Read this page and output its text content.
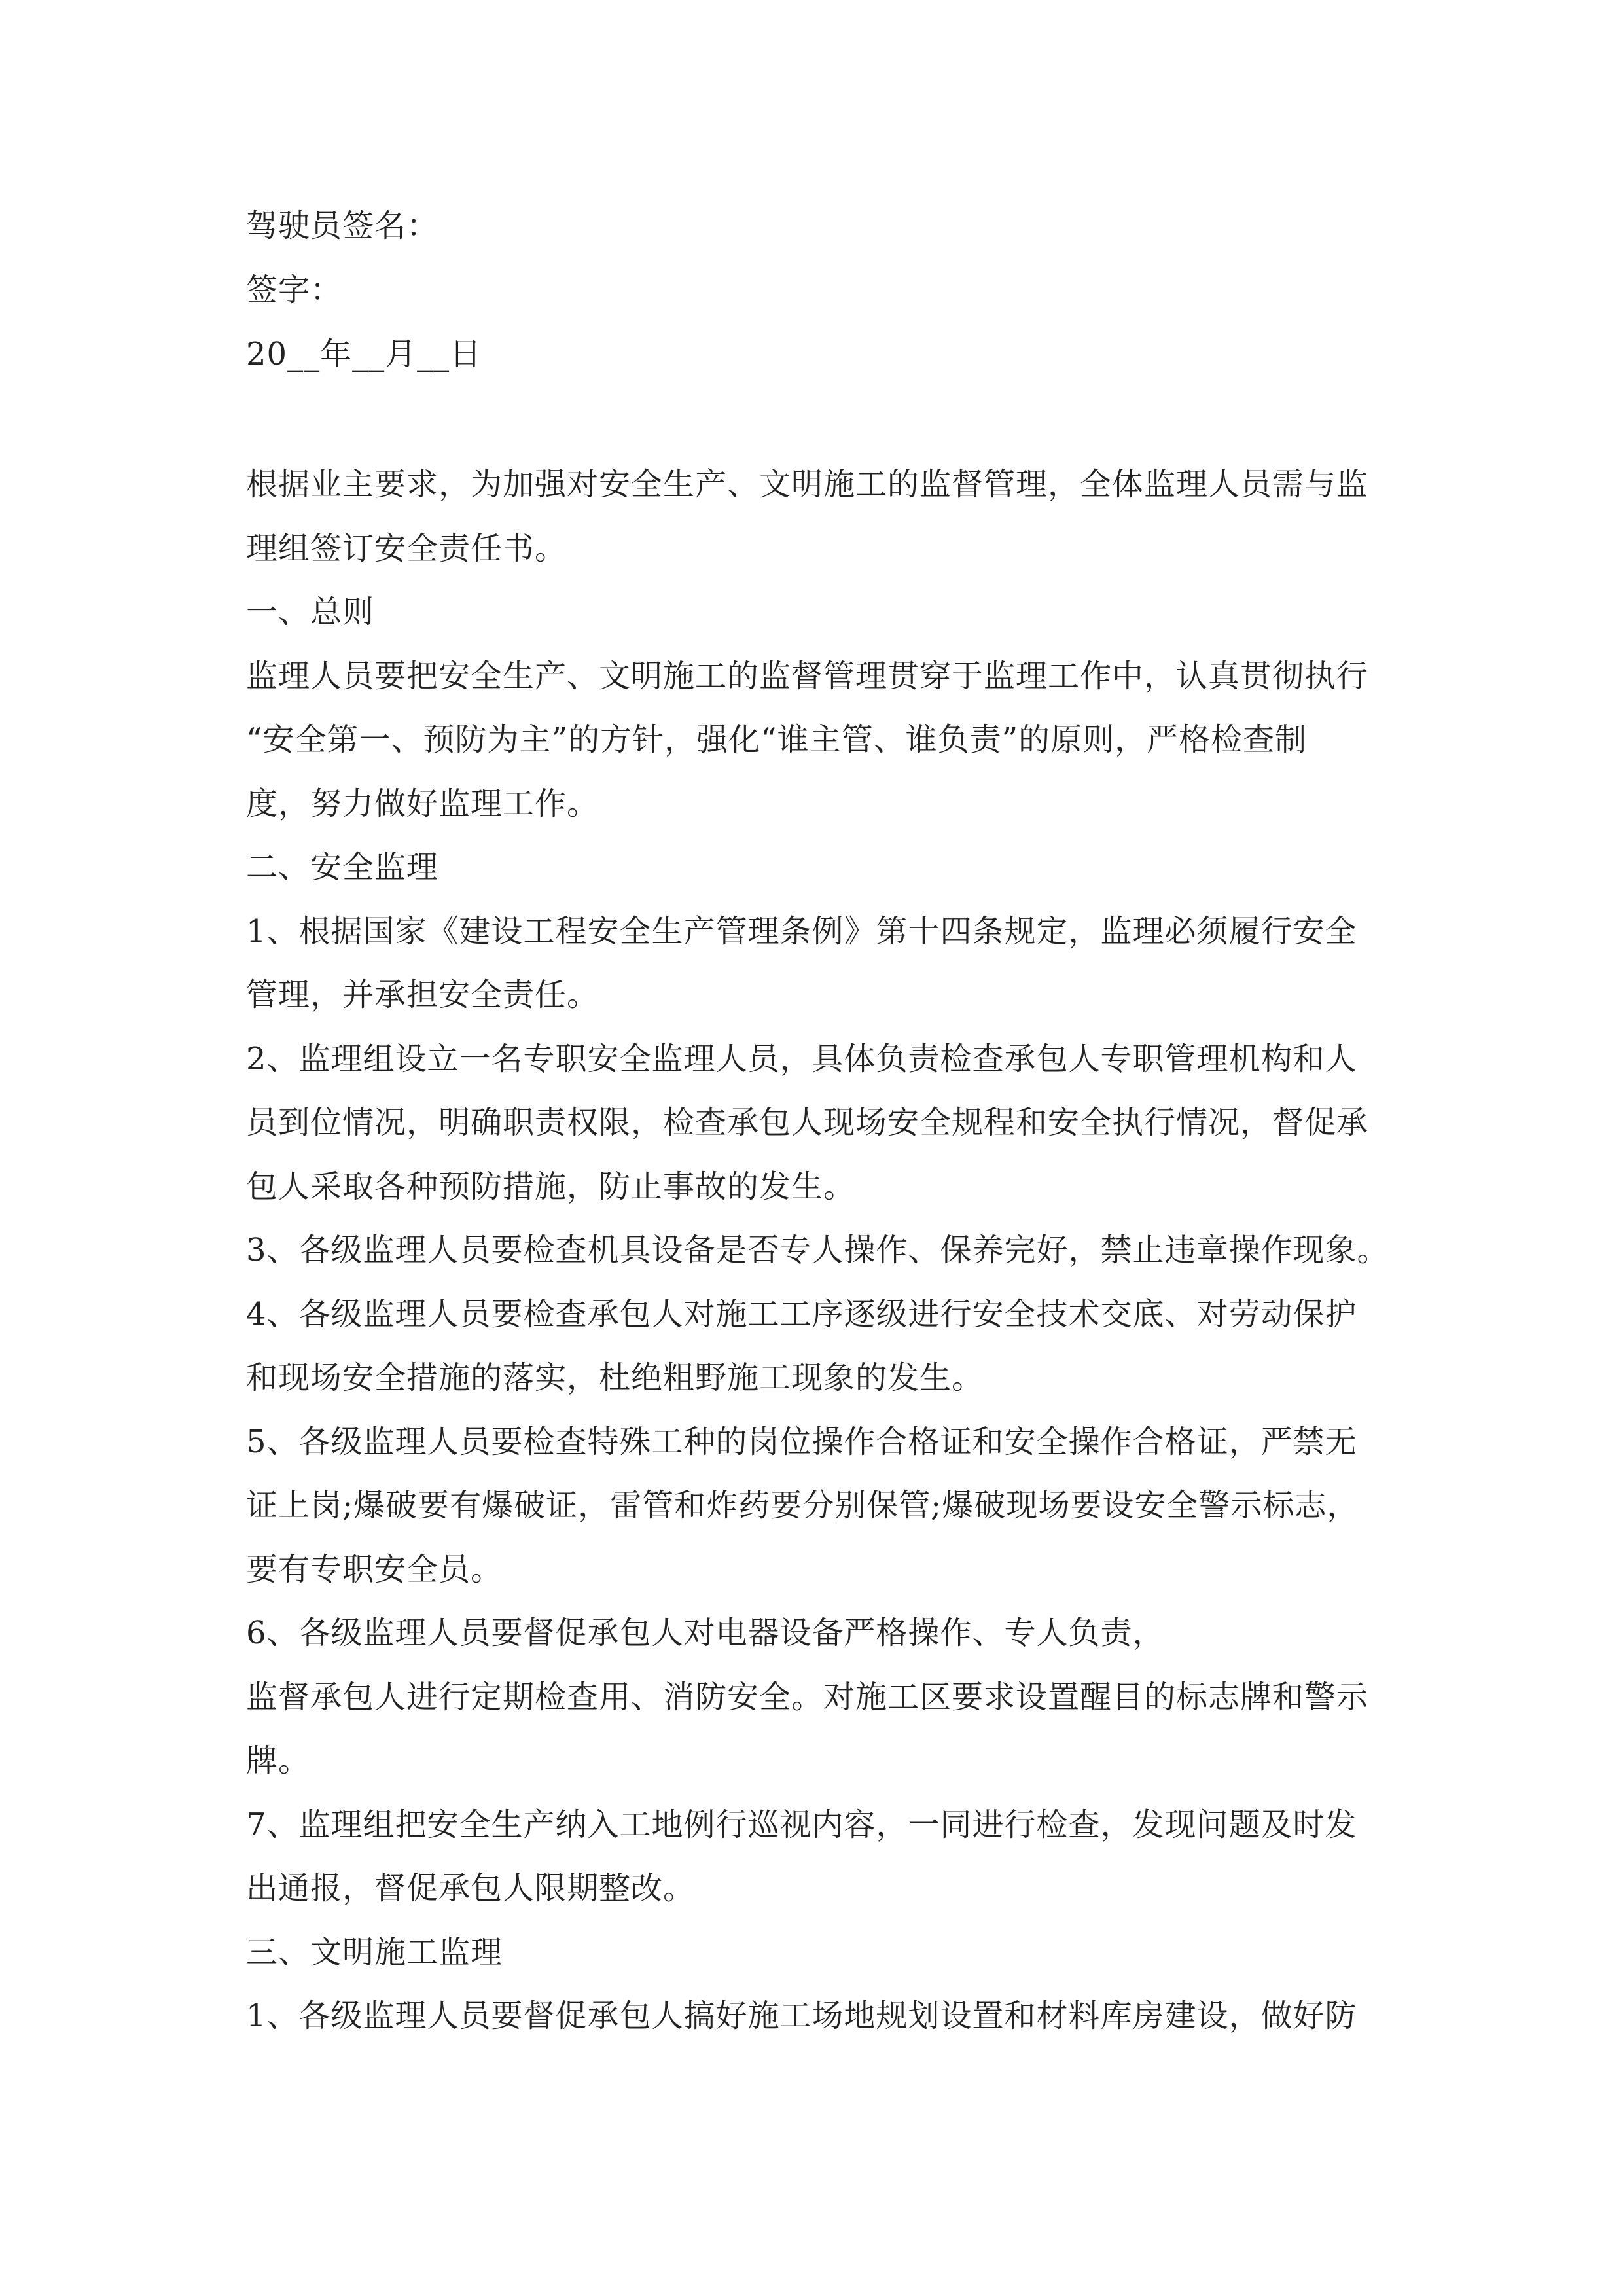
驾驶员签名：
签字：
20__年__月__日
根据业主要求，为加强对安全生产、文明施工的监督管理，全体监理人员需与监
理组签订安全责任书。
一、总则
监理人员要把安全生产、文明施工的监督管理贯穿于监理工作中，认真贯彻执行
“安全第一、预防为主”的方针，强化“谁主管、谁负责”的原则，严格检查制
度，努力做好监理工作。
二、安全监理
1、根据国家《建设工程安全生产管理条例》第十四条规定，监理必须履行安全
管理，并承担安全责任。
2、监理组设立一名专职安全监理人员，具体负责检查承包人专职管理机构和人
员到位情况，明确职责权限，检查承包人现场安全规程和安全执行情况，督促承
包人采取各种预防措施，防止事故的发生。
3、各级监理人员要检查机具设备是否专人操作、保养完好，禁止违章操作现象。
4、各级监理人员要检查承包人对施工工序逐级进行安全技术交底、对劳动保护
和现场安全措施的落实，杜绝粗野施工现象的发生。
5、各级监理人员要检查特殊工种的岗位操作合格证和安全操作合格证，严禁无
证上岗;爆破要有爆破证，雷管和炸药要分别保管;爆破现场要设安全警示标志，
要有专职安全员。
6、各级监理人员要督促承包人对电器设备严格操作、专人负责，
监督承包人进行定期检查用、消防安全。对施工区要求设置醒目的标志牌和警示
牌。
7、监理组把安全生产纳入工地例行巡视内容，一同进行检查，发现问题及时发
出通报，督促承包人限期整改。
三、文明施工监理
1、各级监理人员要督促承包人搞好施工场地规划设置和材料库房建设，做好防
